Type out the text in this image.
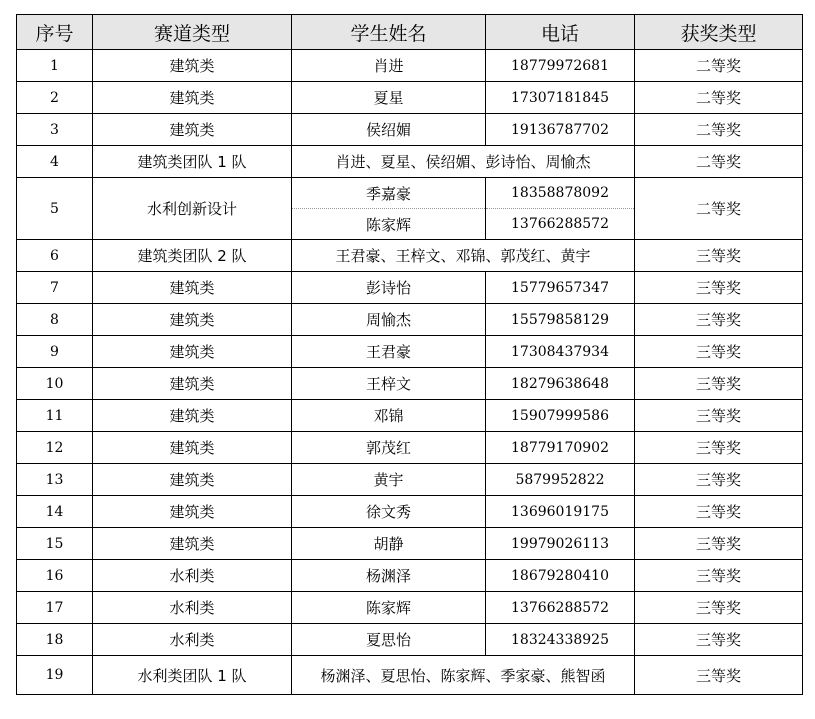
序号	赛道类型	学生姓名	电话	获奖类型
1	建筑类	肖进	18779972681	二等奖
2	建筑类	夏星	17307181845	二等奖
3	建筑类	侯绍媚	19136787702	二等奖
4	建筑类团队 1 队	肖进、夏星、侯绍媚、彭诗怡、周愉杰		二等奖
5	水利创新设计	季嘉豪	18358878092	二等奖
		陈家辉	13766288572	
6	建筑类团队 2 队	王君豪、王梓文、邓锦、郭茂红、黄宇		三等奖
7	建筑类	彭诗怡	15779657347	三等奖
8	建筑类	周愉杰	15579858129	三等奖
9	建筑类	王君豪	17308437934	三等奖
10	建筑类	王梓文	18279638648	三等奖
11	建筑类	邓锦	15907999586	三等奖
12	建筑类	郭茂红	18779170902	三等奖
13	建筑类	黄宇	5879952822	三等奖
14	建筑类	徐文秀	13696019175	三等奖
15	建筑类	胡静	19979026113	三等奖
16	水利类	杨渊泽	18679280410	三等奖
17	水利类	陈家辉	13766288572	三等奖
18	水利类	夏思怡	18324338925	三等奖
19	水利类团队 1 队	杨渊泽、夏思怡、陈家辉、季家豪、熊智函		三等奖
